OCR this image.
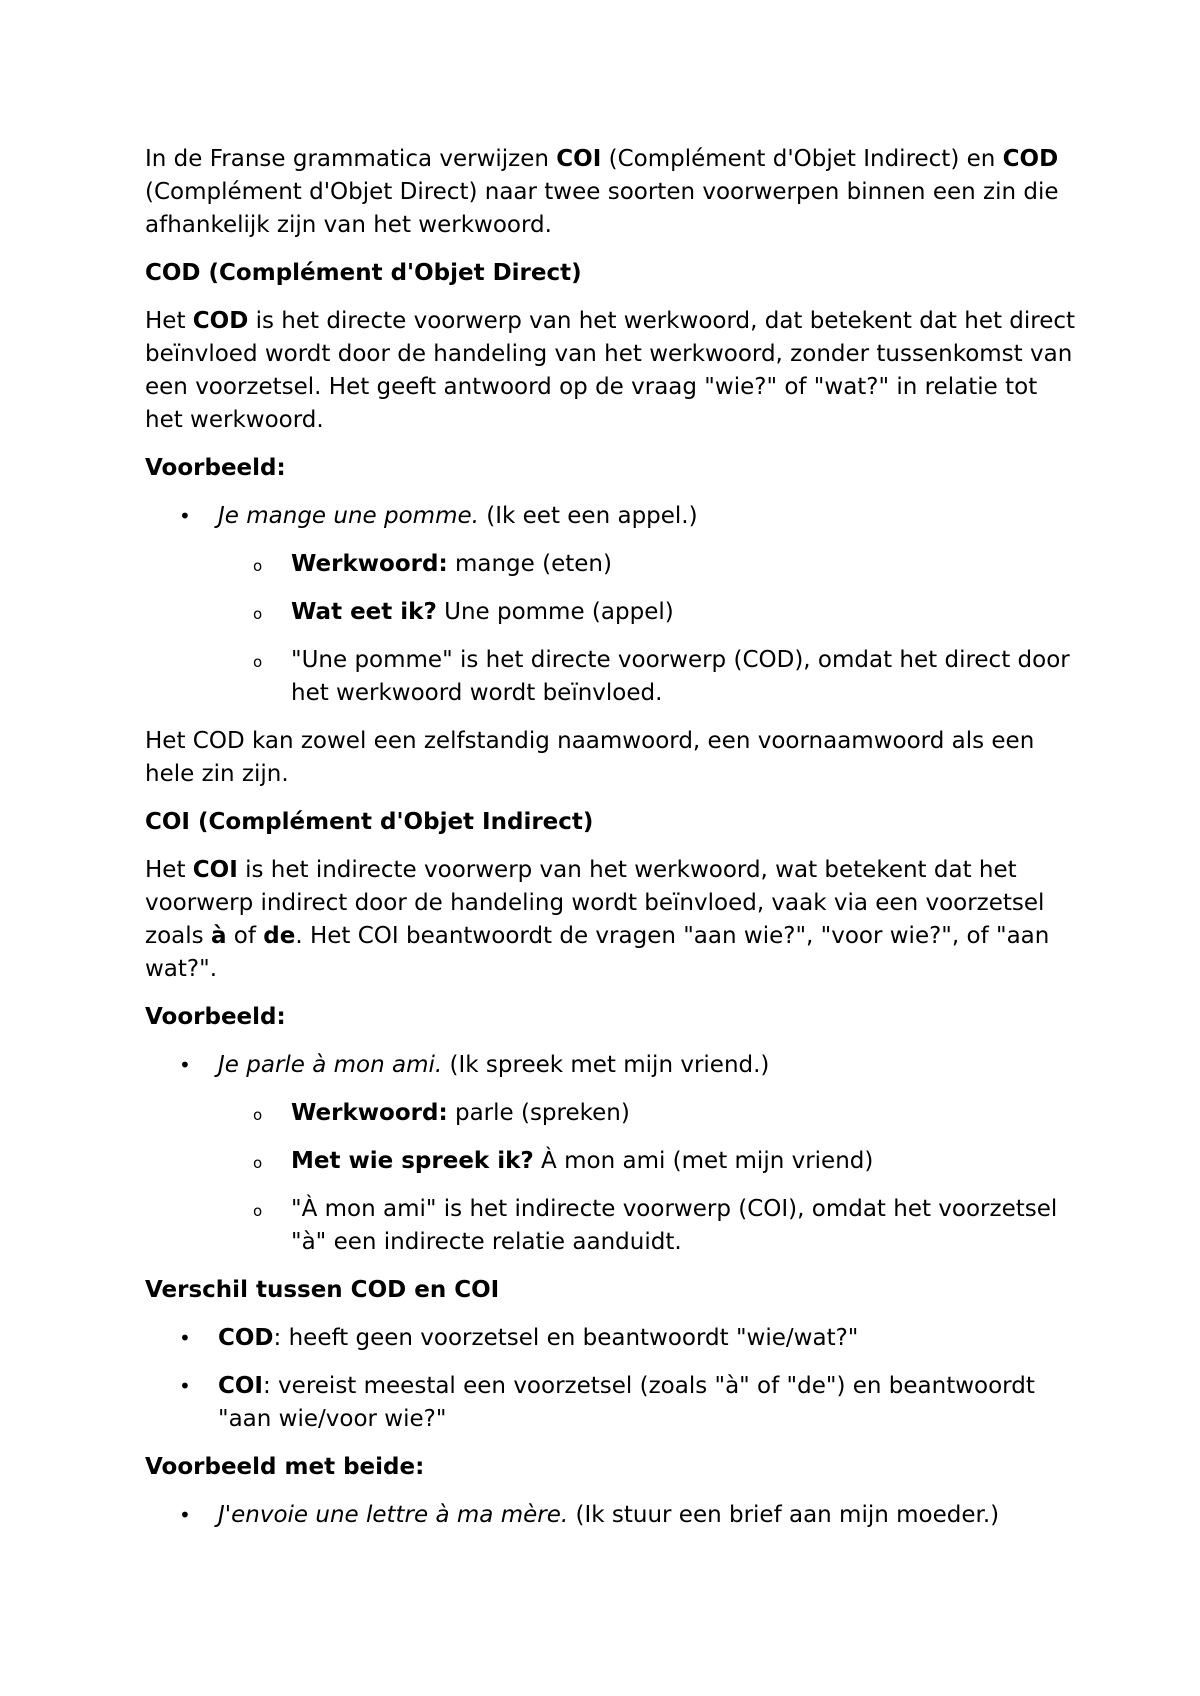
In de Franse grammatica verwijzen COI (Complément d'Objet Indirect) en COD (Complément d'Objet Direct) naar twee soorten voorwerpen binnen een zin die afhankelijk zijn van het werkwoord.

COD (Complément d'Objet Direct)

Het COD is het directe voorwerp van het werkwoord, dat betekent dat het direct beïnvloed wordt door de handeling van het werkwoord, zonder tussenkomst van een voorzetsel. Het geeft antwoord op de vraag "wie?" of "wat?" in relatie tot het werkwoord.

Voorbeeld:
• Je mange une pomme. (Ik eet een appel.)
o Werkwoord: mange (eten)
o Wat eet ik? Une pomme (appel)
o "Une pomme" is het directe voorwerp (COD), omdat het direct door het werkwoord wordt beïnvloed.

Het COD kan zowel een zelfstandig naamwoord, een voornaamwoord als een hele zin zijn.

COI (Complément d'Objet Indirect)

Het COI is het indirecte voorwerp van het werkwoord, wat betekent dat het voorwerp indirect door de handeling wordt beïnvloed, vaak via een voorzetsel zoals à of de. Het COI beantwoordt de vragen "aan wie?", "voor wie?", of "aan wat?".

Voorbeeld:
• Je parle à mon ami. (Ik spreek met mijn vriend.)
o Werkwoord: parle (spreken)
o Met wie spreek ik? À mon ami (met mijn vriend)
o "À mon ami" is het indirecte voorwerp (COI), omdat het voorzetsel "à" een indirecte relatie aanduidt.
Verschil tussen COD en COI
• COD: heeft geen voorzetsel en beantwoordt "wie/wat?"
• COI: vereist meestal een voorzetsel (zoals "à" of "de") en beantwoordt "aan wie/voor wie?"
Voorbeeld met beide:
• J'envoie une lettre à ma mère. (Ik stuur een brief aan mijn moeder.)
